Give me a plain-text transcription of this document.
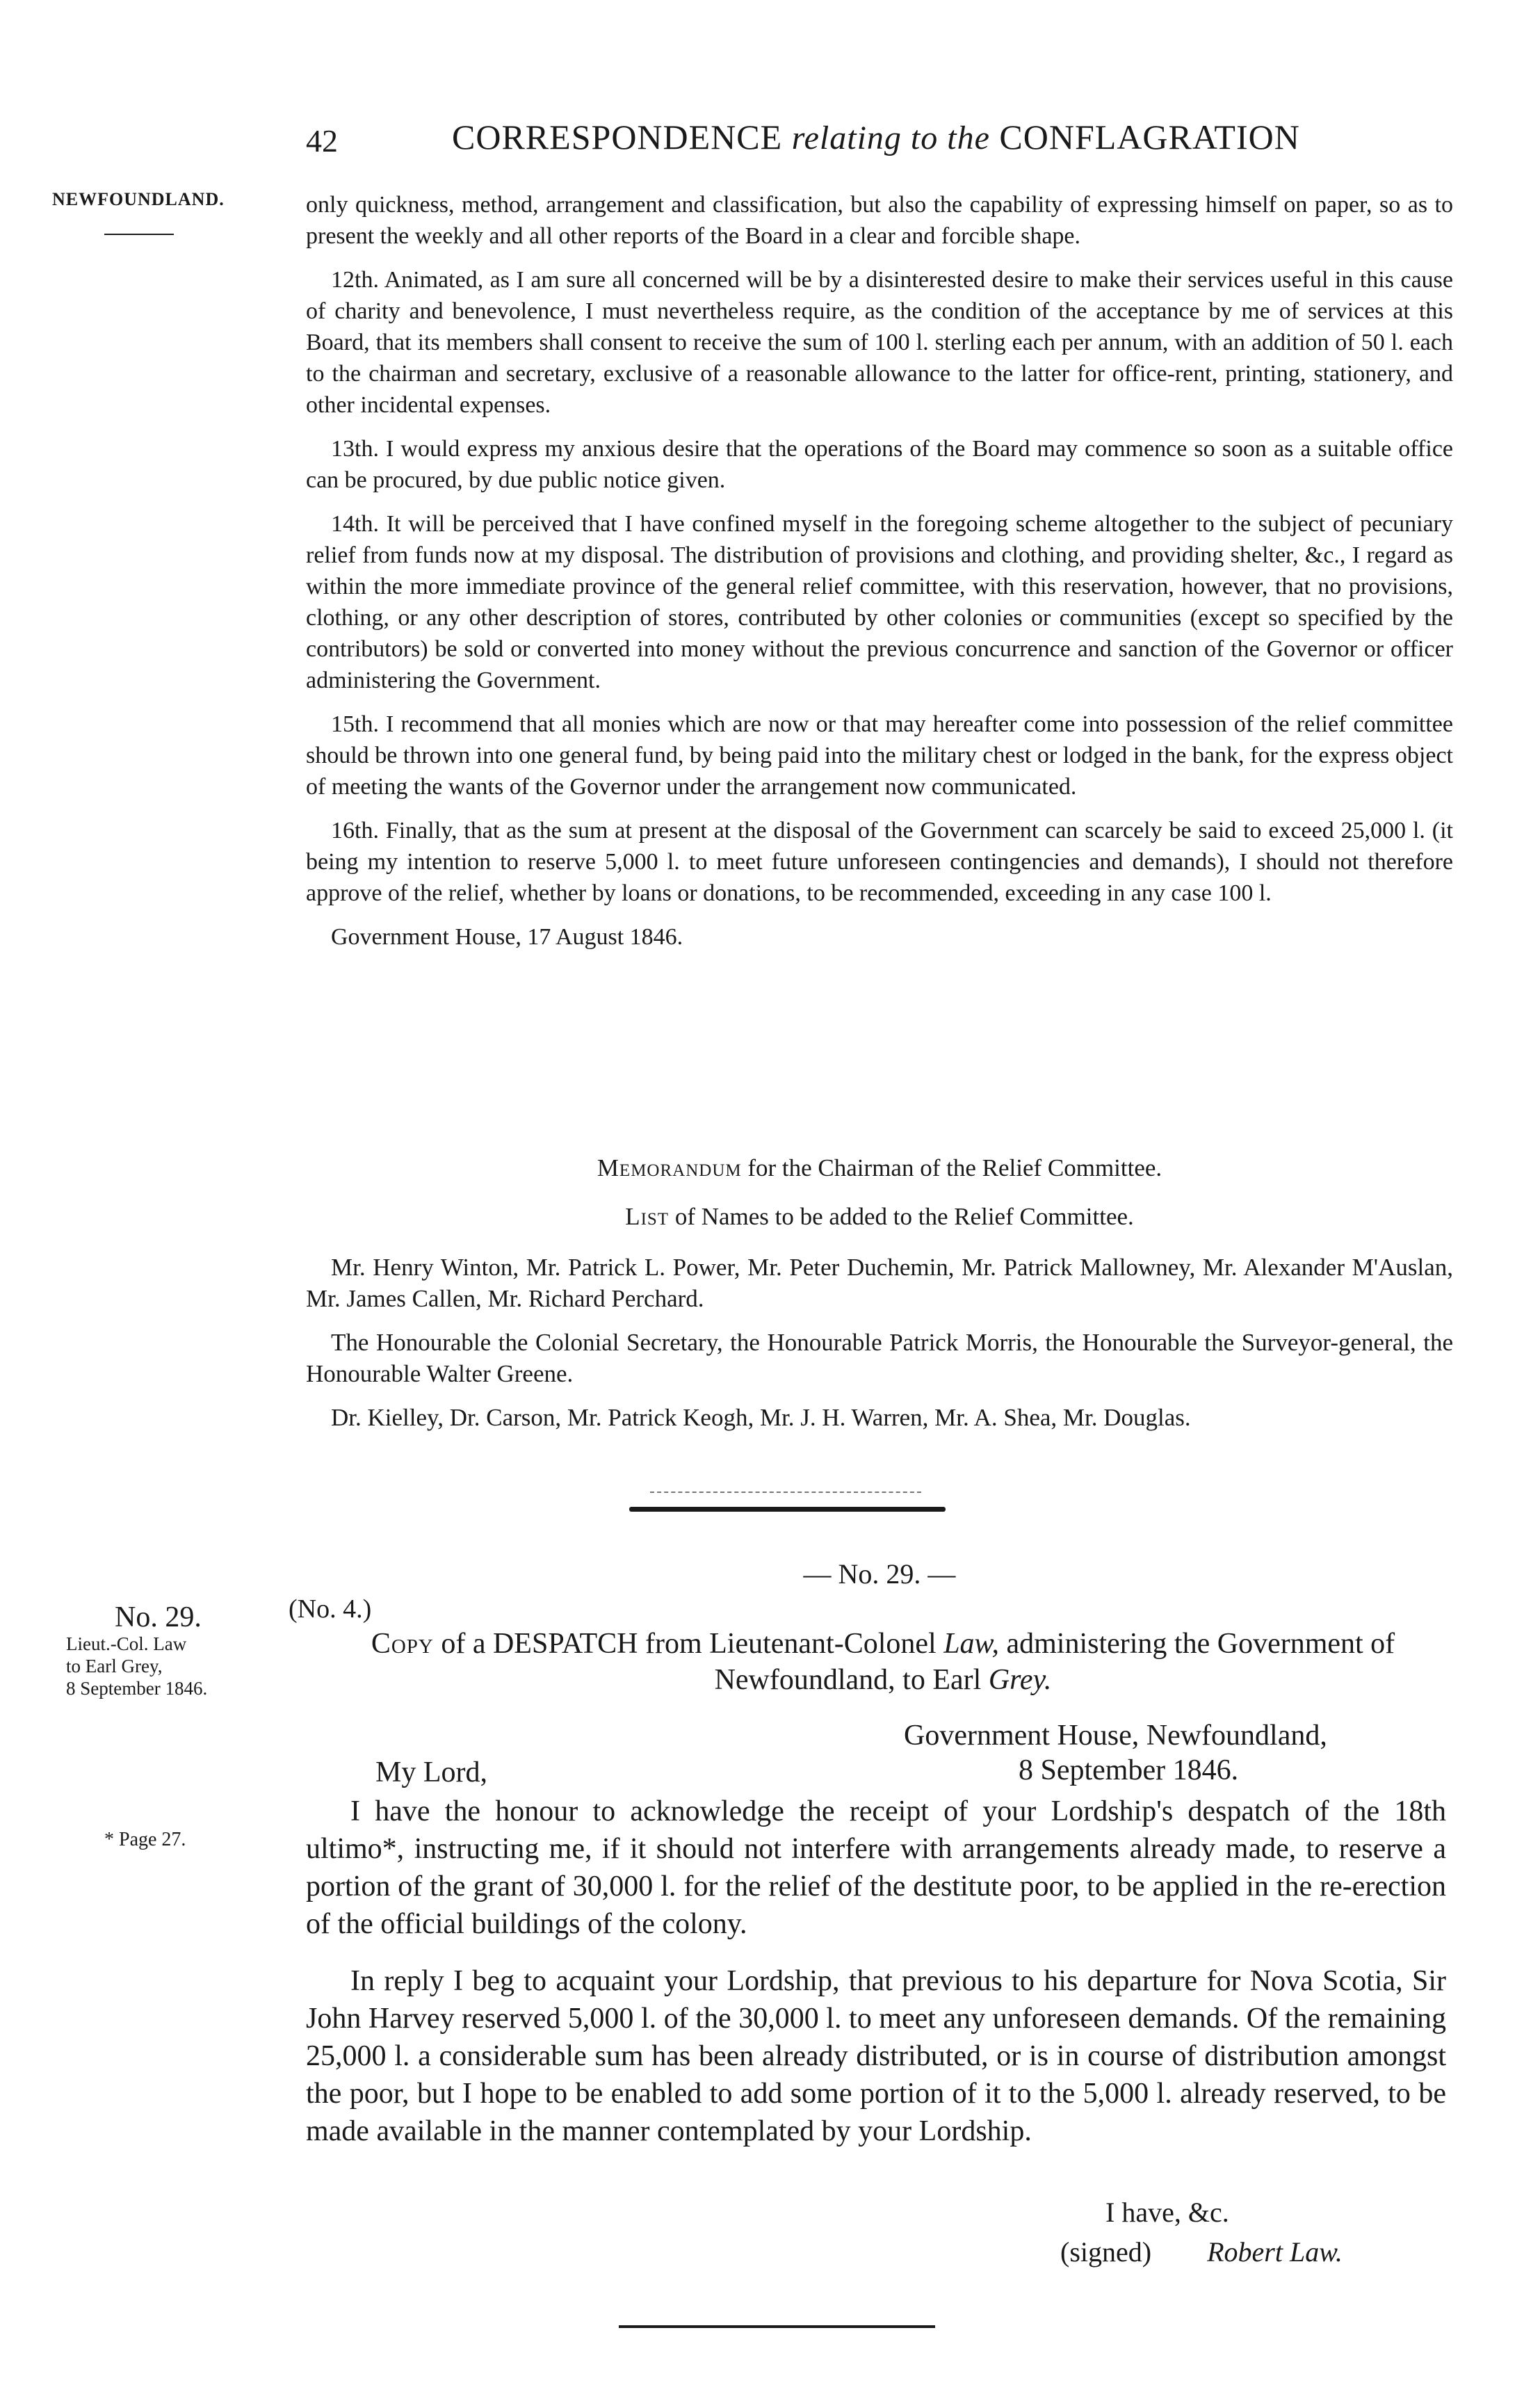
42	CORRESPONDENCE relating to the CONFLAGRATION
NEWFOUNDLAND.	only quickness, method, arrangement and classification, but also the capability of expressing himself on paper, so as to present the weekly and all other reports of the Board in a clear and forcible shape.

12th. Animated, as I am sure all concerned will be by a disinterested desire to make their services useful in this cause of charity and benevolence, I must nevertheless require, as the condition of the acceptance by me of services at this Board, that its members shall consent to receive the sum of 100 l. sterling each per annum, with an addition of 50 l. each to the chairman and secretary, exclusive of a reasonable allowance to the latter for office-rent, printing, stationery, and other incidental expenses.

13th. I would express my anxious desire that the operations of the Board may commence so soon as a suitable office can be procured, by due public notice given.

14th. It will be perceived that I have confined myself in the foregoing scheme altogether to the subject of pecuniary relief from funds now at my disposal. The distribution of provisions and clothing, and providing shelter, &c., I regard as within the more immediate province of the general relief committee, with this reservation, however, that no provisions, clothing, or any other description of stores, contributed by other colonies or communities (except so specified by the contributors) be sold or converted into money without the previous concurrence and sanction of the Governor or officer administering the Government.

15th. I recommend that all monies which are now or that may hereafter come into possession of the relief committee should be thrown into one general fund, by being paid into the military chest or lodged in the bank, for the express object of meeting the wants of the Governor under the arrangement now communicated.

16th. Finally, that as the sum at present at the disposal of the Government can scarcely be said to exceed 25,000 l. (it being my intention to reserve 5,000 l. to meet future unforeseen contingencies and demands), I should not therefore approve of the relief, whether by loans or donations, to be recommended, exceeding in any case 100 l.

Government House, 17 August 1846.

Memorandum for the Chairman of the Relief Committee.
List of Names to be added to the Relief Committee.

Mr. Henry Winton, Mr. Patrick L. Power, Mr. Peter Duchemin, Mr. Patrick Mallowney, Mr. Alexander M'Auslan, Mr. James Callen, Mr. Richard Perchard.

The Honourable the Colonial Secretary, the Honourable Patrick Morris, the Honourable the Surveyor-general, the Honourable Walter Greene.

Dr. Kielley, Dr. Carson, Mr. Patrick Keogh, Mr. J. H. Warren, Mr. A. Shea, Mr. Douglas.

— No. 29. —
No. 29.
Lieut.-Col. Law
to Earl Grey,
8 September 1846.
* Page 27.
(No. 4.)
Copy of a DESPATCH from Lieutenant-Colonel Law, administering the Government of Newfoundland, to Earl Grey.
Government House, Newfoundland,
My Lord,	8 September 1846.

I have the honour to acknowledge the receipt of your Lordship's despatch of the 18th ultimo*, instructing me, if it should not interfere with arrangements already made, to reserve a portion of the grant of 30,000 l. for the relief of the destitute poor, to be applied in the re-erection of the official buildings of the colony.

In reply I beg to acquaint your Lordship, that previous to his departure for Nova Scotia, Sir John Harvey reserved 5,000 l. of the 30,000 l. to meet any unforeseen demands. Of the remaining 25,000 l. a considerable sum has been already distributed, or is in course of distribution amongst the poor, but I hope to be enabled to add some portion of it to the 5,000 l. already reserved, to be made available in the manner contemplated by your Lordship.

I have, &c.
(signed) Robert Law.
